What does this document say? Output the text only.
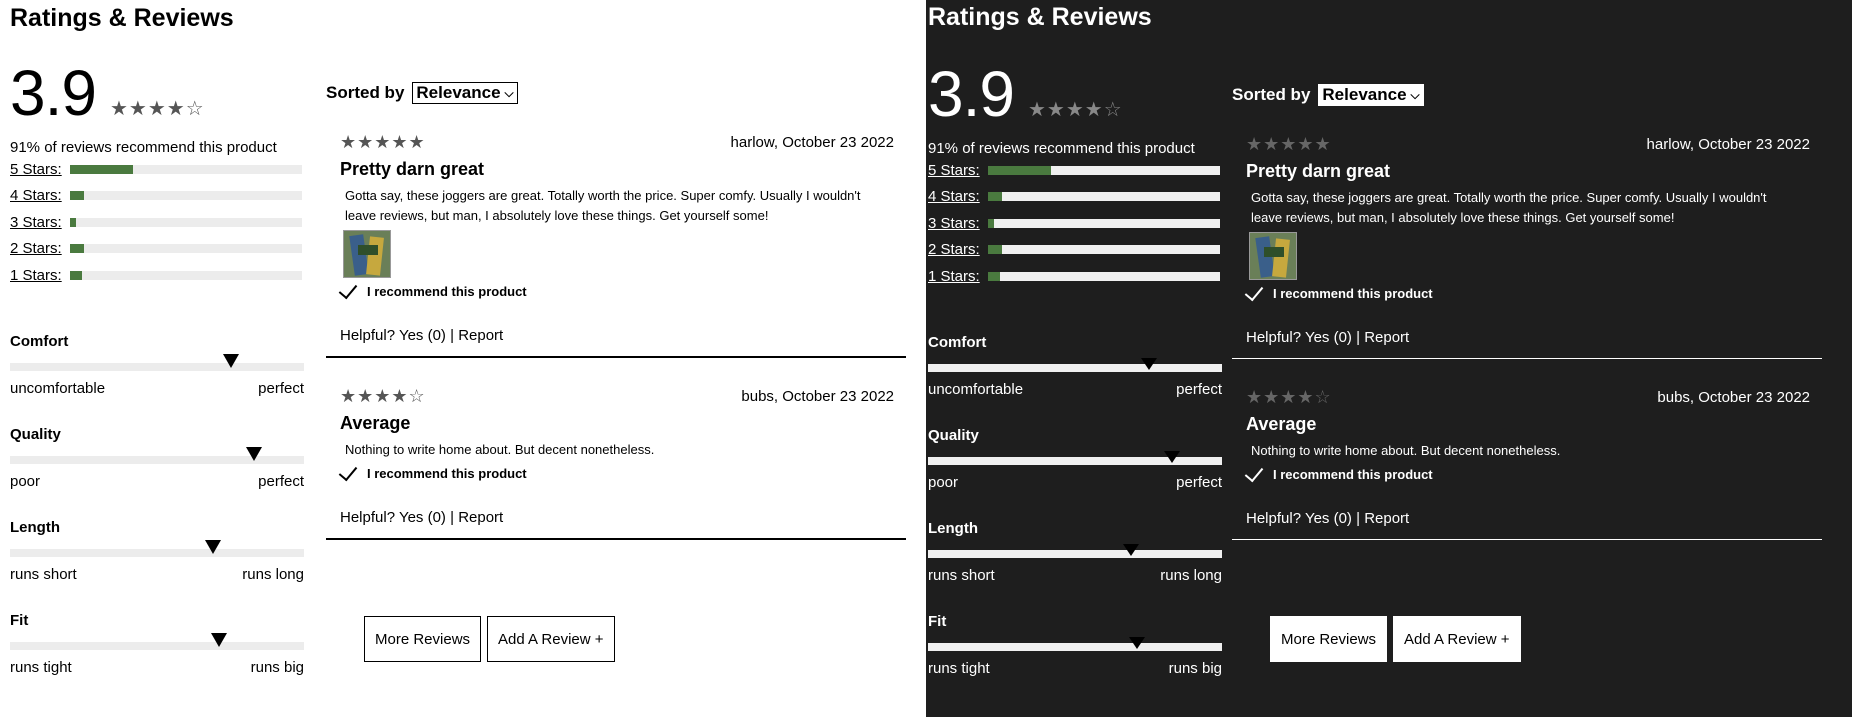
Ratings & Reviews
3.9 ★★★★☆
91% of reviews recommend this product
5 Stars:
4 Stars:
3 Stars:
2 Stars:
1 Stars:
Comfort
uncomfortable	perfect
Quality
poor	perfect
Length
runs short	runs long
Fit
runs tight	runs big
Sorted by Relevance ⌵
★★★★★	harlow, October 23 2022
Pretty darn great
Gotta say, these joggers are great. Totally worth the price. Super comfy. Usually I wouldn't leave reviews, but man, I absolutely love these things. Get yourself some!
I recommend this product
Helpful? Yes (0) | Report
★★★★☆	bubs, October 23 2022
Average
Nothing to write home about. But decent nonetheless.
I recommend this product
Helpful? Yes (0) | Report
More Reviews	Add A Review +
Ratings & Reviews
3.9 ★★★★☆
91% of reviews recommend this product
5 Stars:
4 Stars:
3 Stars:
2 Stars:
1 Stars:
Comfort
uncomfortable	perfect
Quality
poor	perfect
Length
runs short	runs long
Fit
runs tight	runs big
Sorted by Relevance ⌵
★★★★★	harlow, October 23 2022
Pretty darn great
Gotta say, these joggers are great. Totally worth the price. Super comfy. Usually I wouldn't leave reviews, but man, I absolutely love these things. Get yourself some!
I recommend this product
Helpful? Yes (0) | Report
★★★★☆	bubs, October 23 2022
Average
Nothing to write home about. But decent nonetheless.
I recommend this product
Helpful? Yes (0) | Report
More Reviews	Add A Review +
